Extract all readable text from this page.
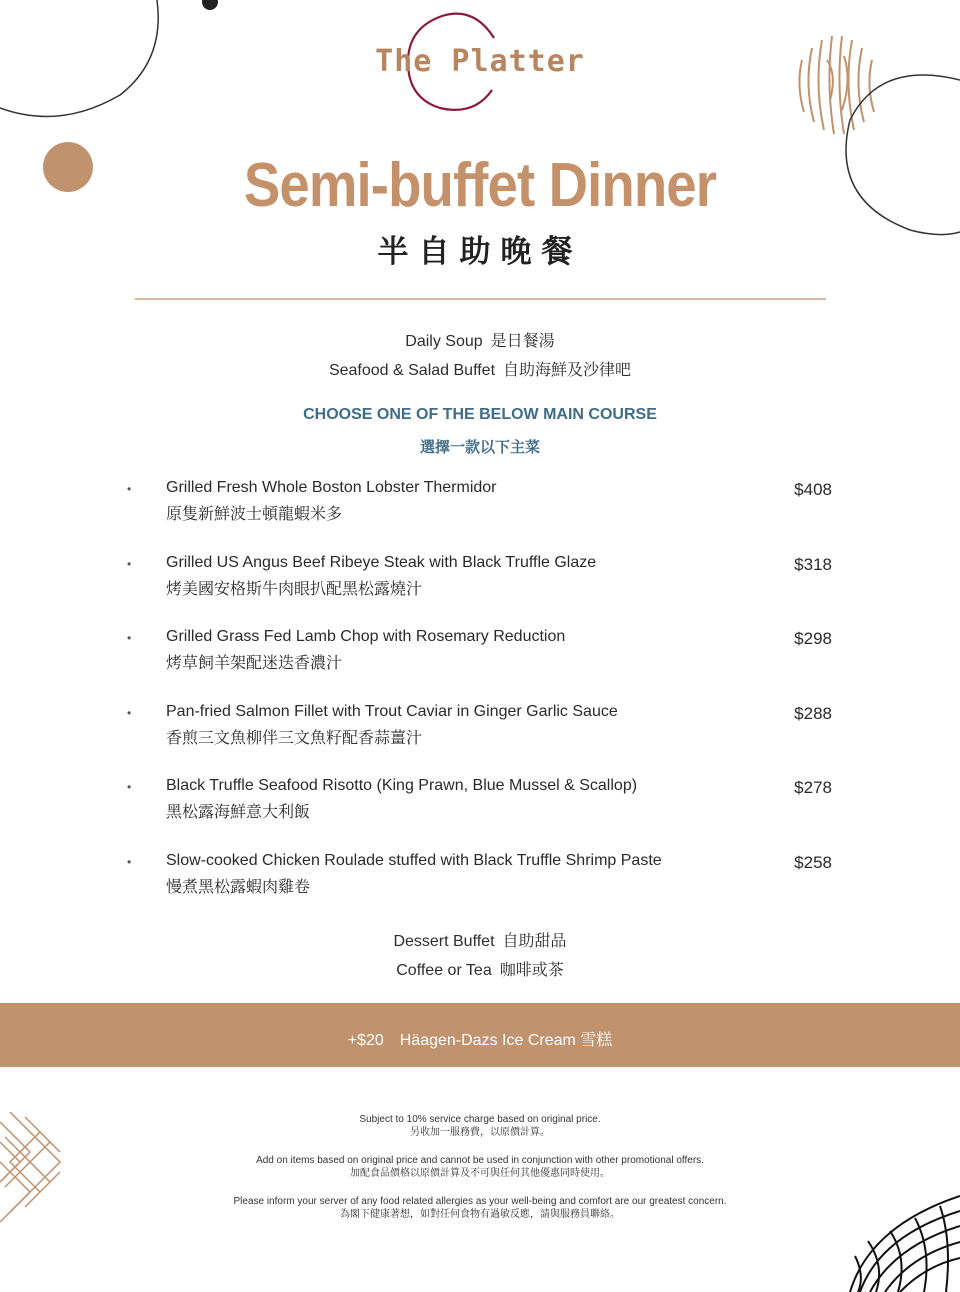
The Platter
Semi-buffet Dinner
半自助晚餐
Daily Soup 是日餐湯
Seafood & Salad Buffet 自助海鮮及沙律吧
CHOOSE ONE OF THE BELOW MAIN COURSE
選擇一款以下主菜
• Grilled Fresh Whole Boston Lobster Thermidor
原隻新鮮波士頓龍蝦米多
$408
• Grilled US Angus Beef Ribeye Steak with Black Truffle Glaze
烤美國安格斯牛肉眼扒配黑松露燒汁
$318
• Grilled Grass Fed Lamb Chop with Rosemary Reduction
烤草飼羊架配迷迭香濃汁
$298
• Pan-fried Salmon Fillet with Trout Caviar in Ginger Garlic Sauce
香煎三文魚柳伴三文魚籽配香蒜薑汁
$288
• Black Truffle Seafood Risotto (King Prawn, Blue Mussel & Scallop)
黑松露海鮮意大利飯
$278
• Slow-cooked Chicken Roulade stuffed with Black Truffle Shrimp Paste
慢煮黑松露蝦肉雞卷
$258
Dessert Buffet 自助甜品
Coffee or Tea 咖啡或茶
+$20 Häagen-Dazs Ice Cream 雪糕
Subject to 10% service charge based on original price.
另收加一服務費，以原價計算。
Add on items based on original price and cannot be used in conjunction with other promotional offers.
加配食品價格以原價計算及不可與任何其他優惠同時使用。
Please inform your server of any food related allergies as your well-being and comfort are our greatest concern.
為閣下健康著想，如對任何食物有過敏反應，請與服務員聯絡。
